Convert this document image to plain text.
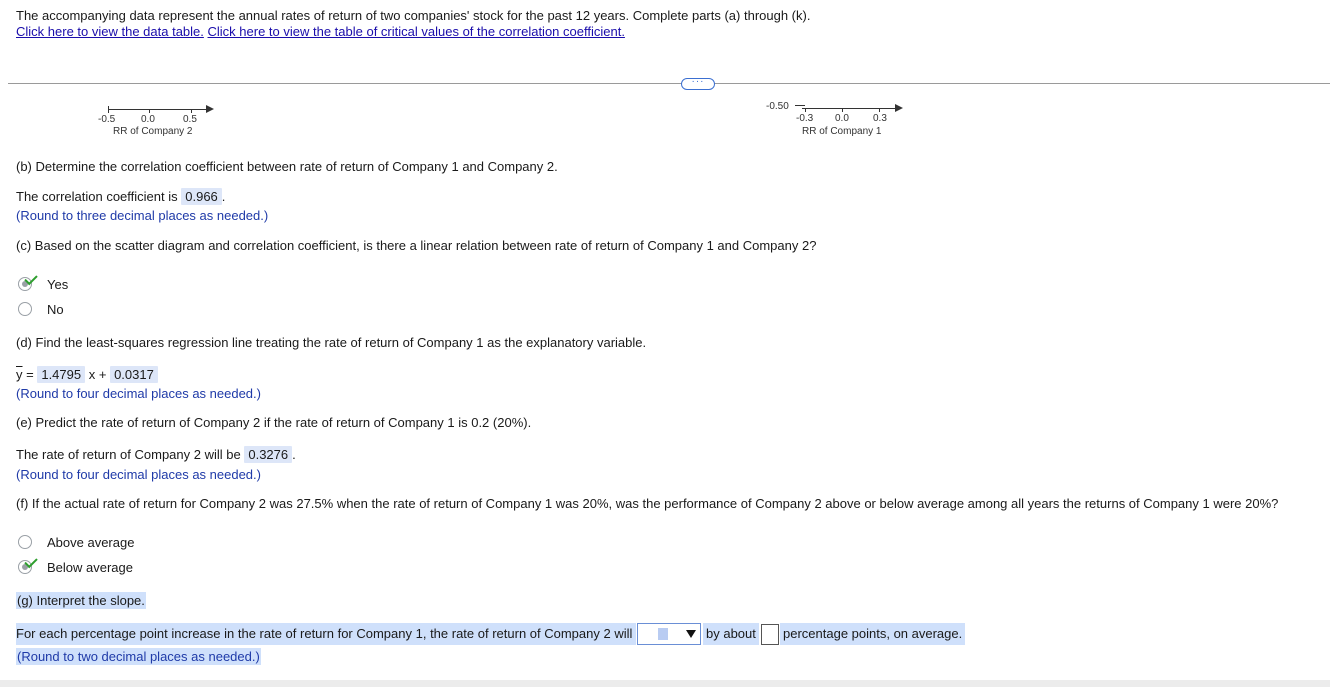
The accompanying data represent the annual rates of return of two companies' stock for the past 12 years. Complete parts (a) through (k).
Click here to view the data table. Click here to view the table of critical values of the correlation coefficient.
···
-0.5	0.0	0.5
RR of Company 2
-0.50
-0.3 0.0 0.3
RR of Company 1
(b) Determine the correlation coefficient between rate of return of Company 1 and Company 2.
The correlation coefficient is 0.966 .
(Round to three decimal places as needed.)
(c) Based on the scatter diagram and correlation coefficient, is there a linear relation between rate of return of Company 1 and Company 2?
Yes
No
(d) Find the least-squares regression line treating the rate of return of Company 1 as the explanatory variable.
$\overline{y} = 1.4795$ x + 0.0317
(Round to four decimal places as needed.)
(e) Predict the rate of return of Company 2 if the rate of return of Company 1 is 0.2 (20%).
The rate of return of Company 2 will be 0.3276 .
(Round to four decimal places as needed.)
(f) If the actual rate of return for Company 2 was 27.5% when the rate of return of Company 1 was 20%, was the performance of Company 2 above or below average among all years the returns of Company 1 were 20%?
Above average
Below average
(g) Interpret the slope.
For each percentage point increase in the rate of return for Company 1, the rate of return of Company 2 will	by about percentage points, on average.
(Round to two decimal places as needed.)
